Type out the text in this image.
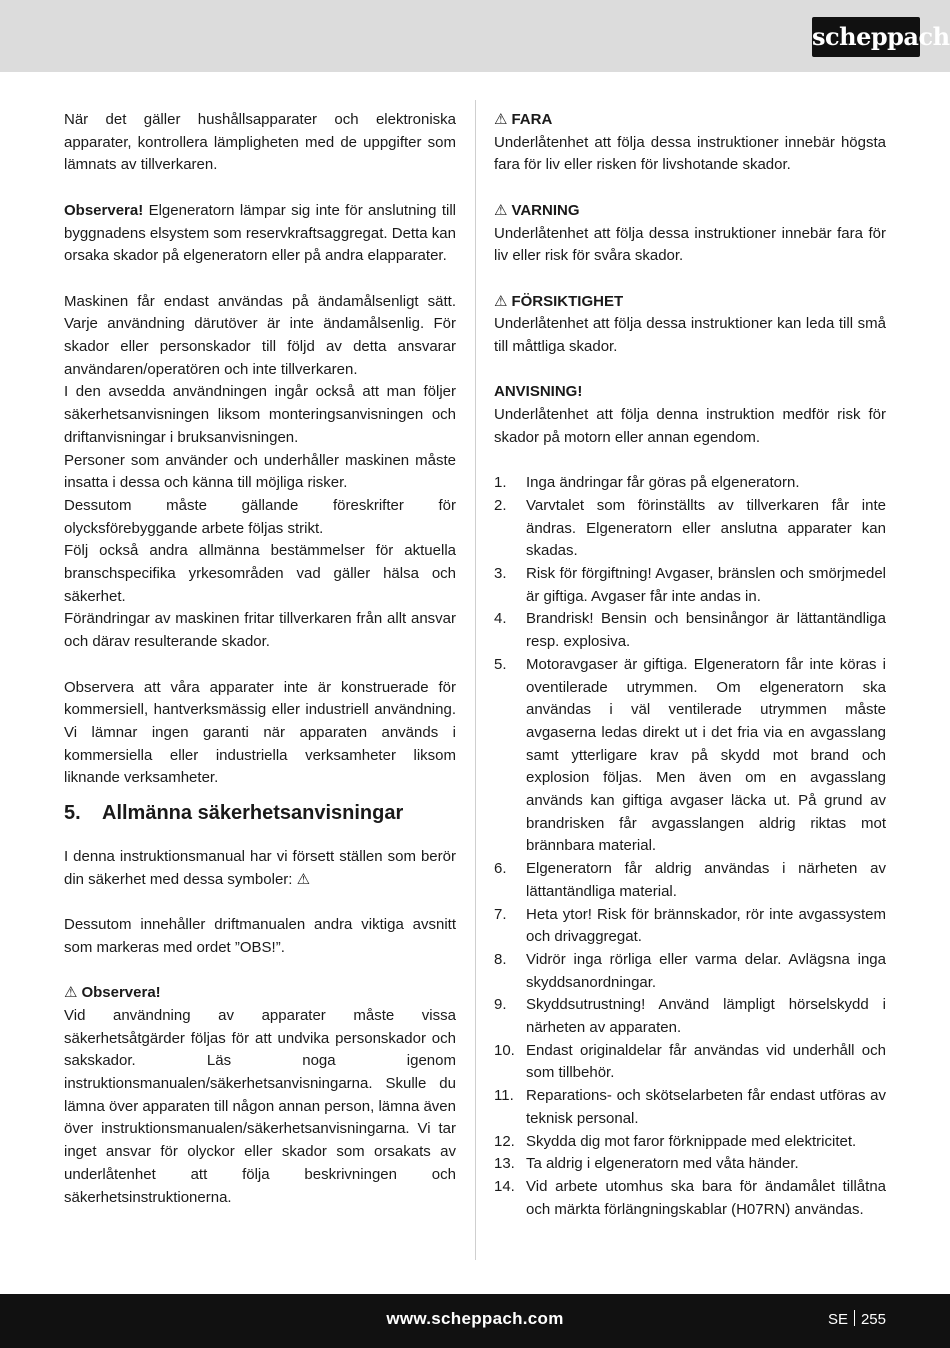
scheppach

När det gäller hushållsapparater och elektroniska apparater, kontrollera lämpligheten med de uppgifter som lämnats av tillverkaren.

Observera! Elgeneratorn lämpar sig inte för anslutning till byggnadens elsystem som reservkraftsaggregat. Detta kan orsaka skador på elgeneratorn eller på andra elapparater.

Maskinen får endast användas på ändamålsenligt sätt. Varje användning därutöver är inte ändamålsenlig. För skador eller personskador till följd av detta ansvarar användaren/operatören och inte tillverkaren.

I den avsedda användningen ingår också att man följer säkerhetsanvisningen liksom monteringsanvisningen och driftanvisningar i bruksanvisningen.

Personer som använder och underhåller maskinen måste insatta i dessa och känna till möjliga risker.

Dessutom måste gällande föreskrifter för olycksförebyggande arbete följas strikt.

Följ också andra allmänna bestämmelser för aktuella branschspecifika yrkesområden vad gäller hälsa och säkerhet.

Förändringar av maskinen fritar tillverkaren från allt ansvar och därav resulterande skador.

Observera att våra apparater inte är konstruerade för kommersiell, hantverksmässig eller industriell användning. Vi lämnar ingen garanti när apparaten används i kommersiella eller industriella verksamheter liksom liknande verksamheter.

5. Allmänna säkerhetsanvisningar

I denna instruktionsmanual har vi försett ställen som berör din säkerhet med dessa symboler: ⚠

Dessutom innehåller driftmanualen andra viktiga avsnitt som markeras med ordet ”OBS!”.

⚠ Observera!

Vid användning av apparater måste vissa säkerhetsåtgärder följas för att undvika personskador och sakskador. Läs noga igenom instruktionsmanualen/säkerhetsanvisningarna. Skulle du lämna över apparaten till någon annan person, lämna även över instruktionsmanualen/säkerhetsanvisningarna. Vi tar inget ansvar för olyckor eller skador som orsakats av underlåtenhet att följa beskrivningen och säkerhetsinstruktionerna.

⚠ FARA

Underlåtenhet att följa dessa instruktioner innebär högsta fara för liv eller risken för livshotande skador.

⚠ VARNING

Underlåtenhet att följa dessa instruktioner innebär fara för liv eller risk för svåra skador.

⚠ FÖRSIKTIGHET

Underlåtenhet att följa dessa instruktioner kan leda till små till måttliga skador.

ANVISNING!

Underlåtenhet att följa denna instruktion medför risk för skador på motorn eller annan egendom.

1. Inga ändringar får göras på elgeneratorn.
2. Varvtalet som förinställts av tillverkaren får inte ändras. Elgeneratorn eller anslutna apparater kan skadas.
3. Risk för förgiftning! Avgaser, bränslen och smörjmedel är giftiga. Avgaser får inte andas in.
4. Brandrisk! Bensin och bensinångor är lättantändliga resp. explosiva.
5. Motoravgaser är giftiga. Elgeneratorn får inte köras i oventilerade utrymmen. Om elgeneratorn ska användas i väl ventilerade utrymmen måste avgaserna ledas direkt ut i det fria via en avgasslang samt ytterligare krav på skydd mot brand och explosion följas. Men även om en avgasslang används kan giftiga avgaser läcka ut. På grund av brandrisken får avgasslangen aldrig riktas mot brännbara material.
6. Elgeneratorn får aldrig användas i närheten av lättantändliga material.
7. Heta ytor! Risk för brännskador, rör inte avgassystem och drivaggregat.
8. Vidrör inga rörliga eller varma delar. Avlägsna inga skyddsanordningar.
9. Skyddsutrustning! Använd lämpligt hörselskydd i närheten av apparaten.
10. Endast originaldelar får användas vid underhåll och som tillbehör.
11. Reparations- och skötselarbeten får endast utföras av teknisk personal.
12. Skydda dig mot faror förknippade med elektricitet.
13. Ta aldrig i elgeneratorn med våta händer.
14. Vid arbete utomhus ska bara för ändamålet tillåtna och märkta förlängningskablar (H07RN) användas.
www.scheppach.com	SE 255
